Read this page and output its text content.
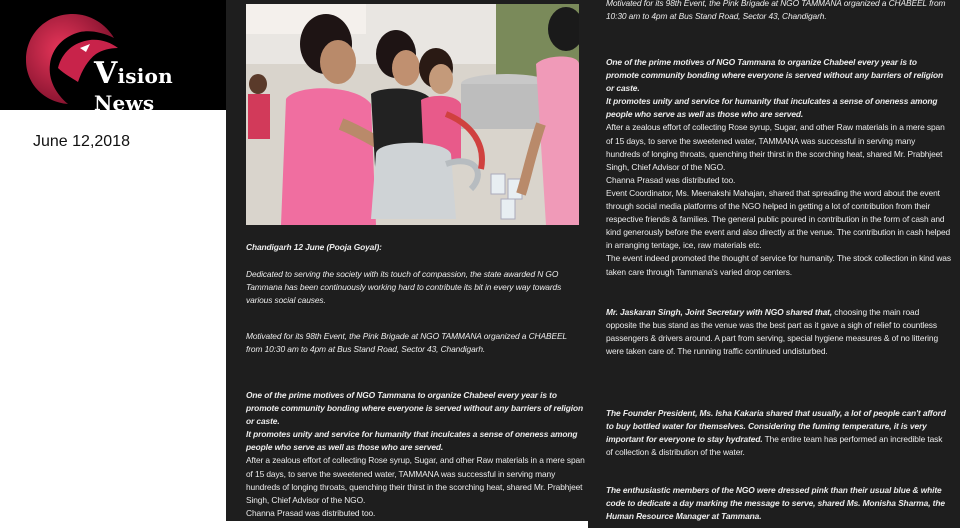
Vision News
June 12,2018

Chandigarh 12 June (Pooja Goyal):

Dedicated to serving the society with its touch of compassion, the state awarded N GO Tammana has been continuously working hard to contribute its bit in every way towards various social causes.

Motivated for its 98th Event, the Pink Brigade at NGO TAMMANA organized a CHABEEL from 10:30 am to 4pm at Bus Stand Road, Sector 43, Chandigarh.

One of the prime motives of NGO Tammana to organize Chabeel every year is to promote community bonding where everyone is served without any barriers of religion or caste.
It promotes unity and service for humanity that inculcates a sense of oneness among people who serve as well as those who are served.
After a zealous effort of collecting Rose syrup, Sugar, and other Raw materials in a mere span of 15 days, to serve the sweetened water, TAMMANA was successful in serving many hundreds of longing throats, quenching their thirst in the scorching heat, shared Mr. Prabhjeet Singh, Chief Advisor of the NGO.
Channa Prasad was distributed too.

Motivated for its 98th Event, the Pink Brigade at NGO TAMMANA organized a CHABEEL from 10:30 am to 4pm at Bus Stand Road, Sector 43, Chandigarh.

One of the prime motives of NGO Tammana to organize Chabeel every year is to promote community bonding where everyone is served without any barriers of religion or caste.
It promotes unity and service for humanity that inculcates a sense of oneness among people who serve as well as those who are served.
After a zealous effort of collecting Rose syrup, Sugar, and other Raw materials in a mere span of 15 days, to serve the sweetened water, TAMMANA was successful in serving many hundreds of longing throats, quenching their thirst in the scorching heat, shared Mr. Prabhjeet Singh, Chief Advisor of the NGO.
Channa Prasad was distributed too.
Event Coordinator, Ms. Meenakshi Mahajan, shared that spreading the word about the event through social media platforms of the NGO helped in getting a lot of contribution from their respective friends & families. The general public poured in contribution in the form of cash and kind generously before the event and also directly at the venue. The contribution in cash helped in arranging tentage, ice, raw materials etc.
The event indeed promoted the thought of service for humanity. The stock collection in kind was taken care through Tammana's varied drop centers.

Mr. Jaskaran Singh, Joint Secretary with NGO shared that, choosing the main road opposite the bus stand as the venue was the best part as it gave a sigh of relief to countless passengers & drivers around. A part from serving, special hygiene measures & of no littering
were taken care of. The running traffic continued undisturbed.

The Founder President, Ms. Isha Kakaria shared that usually, a lot of people can't afford to buy bottled water for themselves. Considering the fuming temperature, it is very important for everyone to stay hydrated. The entire team has performed an incredible task of collection & distribution of the water.

The enthusiastic members of the NGO were dressed pink than their usual blue & white code to dedicate a day marking the message to serve, shared Ms. Monisha Sharma, the Human Resource Manager at Tammana.
